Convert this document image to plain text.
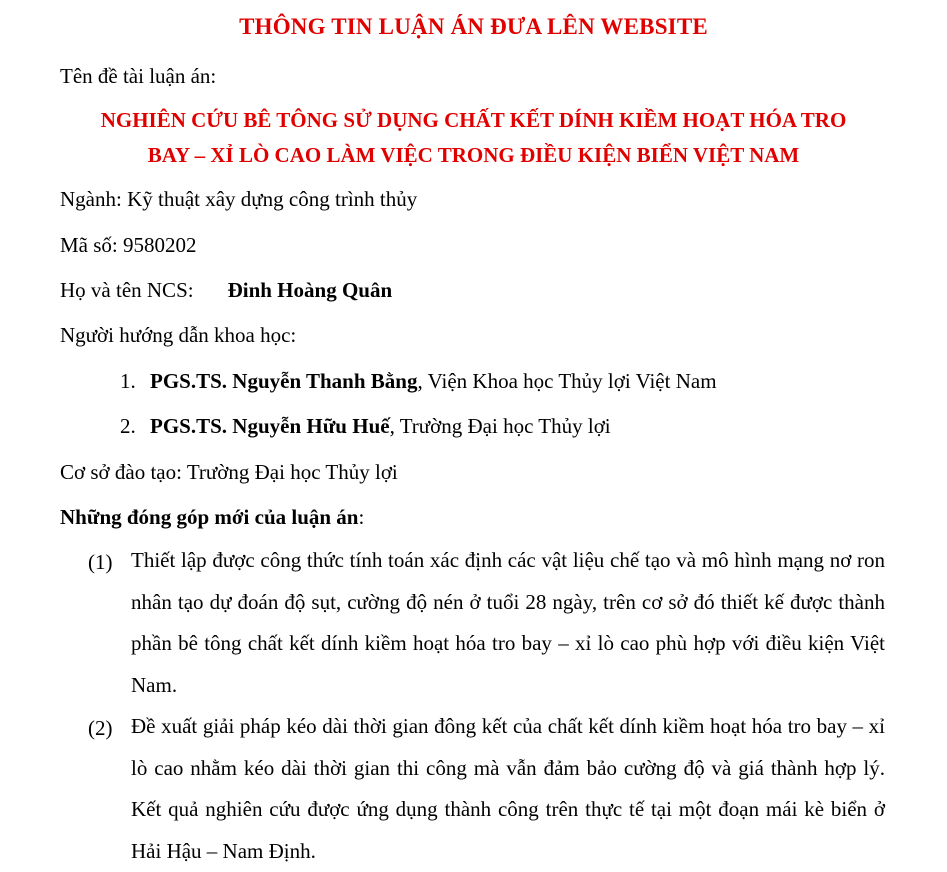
THÔNG TIN LUẬN ÁN ĐƯA LÊN WEBSITE
Tên đề tài luận án:
NGHIÊN CỨU BÊ TÔNG SỬ DỤNG CHẤT KẾT DÍNH KIỀM HOẠT HÓA TRO
BAY – XỈ LÒ CAO LÀM VIỆC TRONG ĐIỀU KIỆN BIỂN VIỆT NAM
Ngành: Kỹ thuật xây dựng công trình thủy
Mã số: 9580202
Họ và tên NCS: Đinh Hoàng Quân
Người hướng dẫn khoa học:
1. PGS.TS. Nguyễn Thanh Bằng, Viện Khoa học Thủy lợi Việt Nam
2. PGS.TS. Nguyễn Hữu Huế, Trường Đại học Thủy lợi
Cơ sở đào tạo: Trường Đại học Thủy lợi
Những đóng góp mới của luận án:
(1) Thiết lập được công thức tính toán xác định các vật liệu chế tạo và mô hình mạng nơ ron nhân tạo dự đoán độ sụt, cường độ nén ở tuổi 28 ngày, trên cơ sở đó thiết kế được thành phần bê tông chất kết dính kiềm hoạt hóa tro bay – xỉ lò cao phù hợp với điều kiện Việt Nam.
(2) Đề xuất giải pháp kéo dài thời gian đông kết của chất kết dính kiềm hoạt hóa tro bay – xỉ lò cao nhằm kéo dài thời gian thi công mà vẫn đảm bảo cường độ và giá thành hợp lý. Kết quả nghiên cứu được ứng dụng thành công trên thực tế tại một đoạn mái kè biển ở Hải Hậu – Nam Định.
